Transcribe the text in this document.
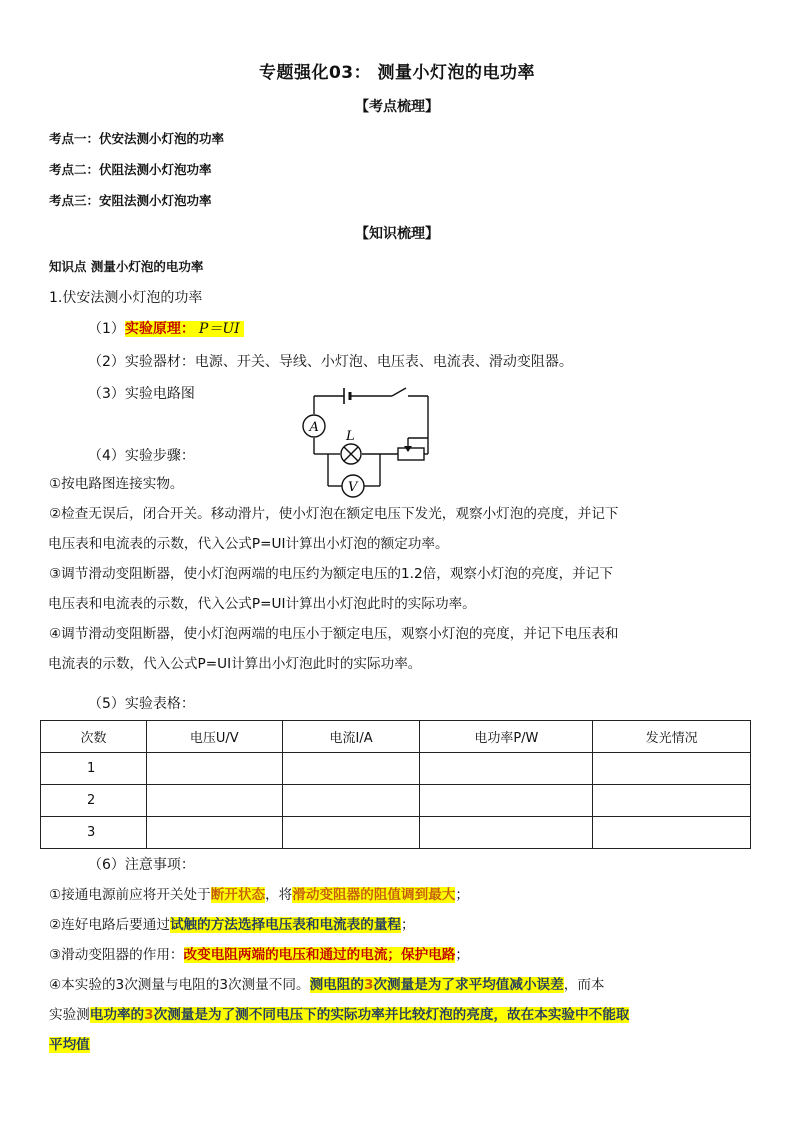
专题强化03： 测量小灯泡的电功率
【考点梳理】
考点一：伏安法测小灯泡的功率
考点二：伏阻法测小灯泡功率
考点三：安阻法测小灯泡功率
【知识梳理】
知识点 测量小灯泡的电功率
1.伏安法测小灯泡的功率
（1）实验原理： P＝UI
（2）实验器材：电源、开关、导线、小灯泡、电压表、电流表、滑动变阻器。
（3）实验电路图
A
L
V
（4）实验步骤：
①按电路图连接实物。
②检查无误后，闭合开关。移动滑片，使小灯泡在额定电压下发光，观察小灯泡的亮度，并记下
电压表和电流表的示数，代入公式P=UI计算出小灯泡的额定功率。
③调节滑动变阻断器，使小灯泡两端的电压约为额定电压的1.2倍，观察小灯泡的亮度，并记下
电压表和电流表的示数，代入公式P=UI计算出小灯泡此时的实际功率。
④调节滑动变阻断器，使小灯泡两端的电压小于额定电压，观察小灯泡的亮度，并记下电压表和
电流表的示数，代入公式P=UI计算出小灯泡此时的实际功率。
（5）实验表格：
次数	电压U/V	电流I/A	电功率P/W	发光情况
1				
2				
3				
（6）注意事项：
①接通电源前应将开关处于断开状态，将滑动变阻器的阻值调到最大；
②连好电路后要通过试触的方法选择电压表和电流表的量程；
③滑动变阻器的作用：改变电阻两端的电压和通过的电流；保护电路；
④本实验的3次测量与电阻的3次测量不同。测电阻的3次测量是为了求平均值减小误差，而本
实验测电功率的3次测量是为了测不同电压下的实际功率并比较灯泡的亮度，故在本实验中不能取
平均值
